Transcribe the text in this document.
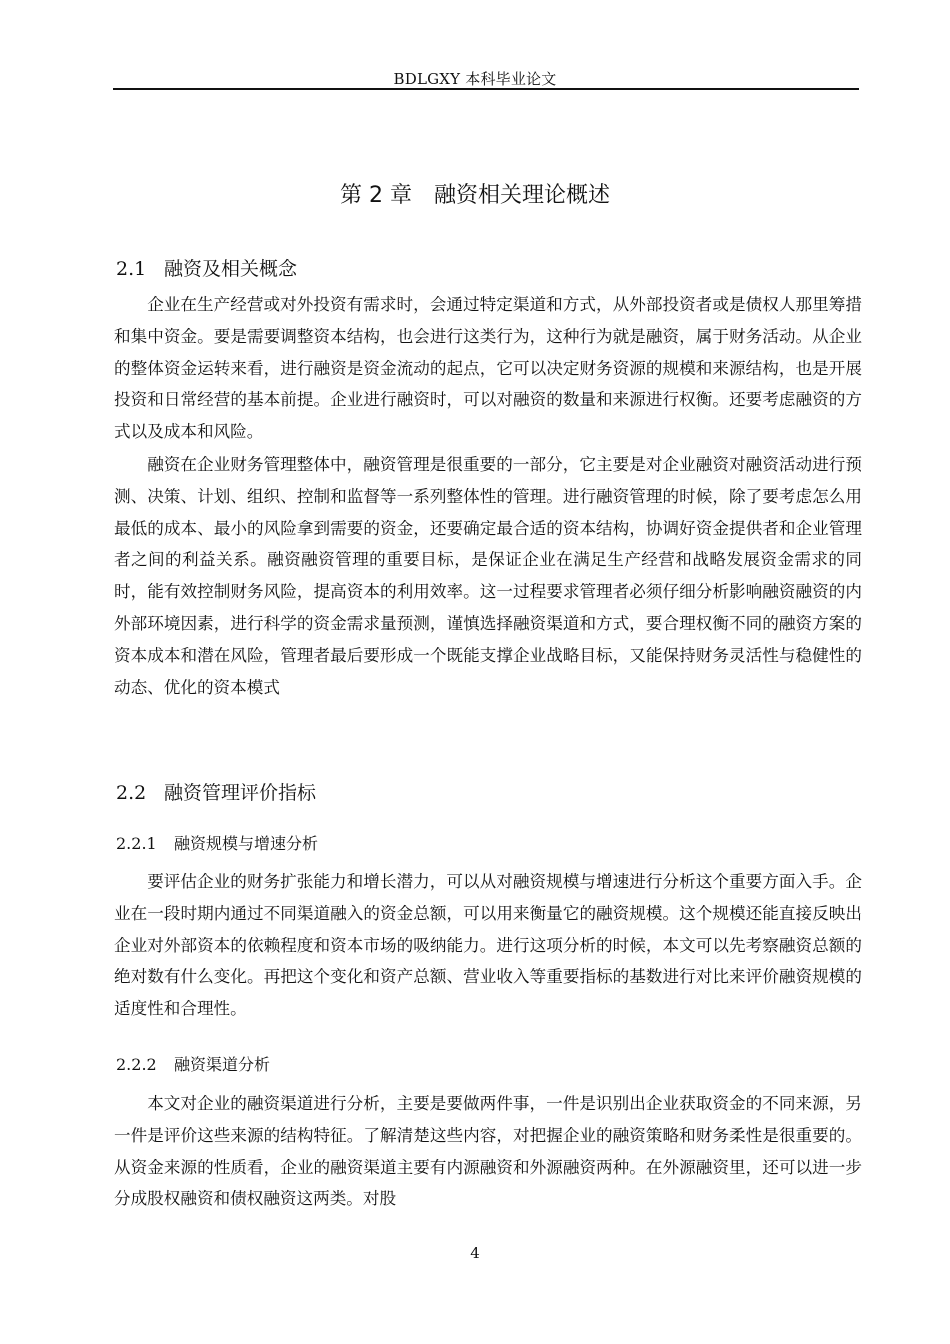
BDLGXY 本科毕业论文
第 2 章　融资相关理论概述
2.1 融资及相关概念

企业在生产经营或对外投资有需求时，会通过特定渠道和方式，从外部投资者或是债权人那里筹措和集中资金。要是需要调整资本结构，也会进行这类行为，这种行为就是融资，属于财务活动。从企业的整体资金运转来看，进行融资是资金流动的起点，它可以决定财务资源的规模和来源结构，也是开展投资和日常经营的基本前提。企业进行融资时，可以对融资的数量和来源进行权衡。还要考虑融资的方式以及成本和风险。

融资在企业财务管理整体中，融资管理是很重要的一部分，它主要是对企业融资对融资活动进行预测、决策、计划、组织、控制和监督等一系列整体性的管理。进行融资管理的时候，除了要考虑怎么用最低的成本、最小的风险拿到需要的资金，还要确定最合适的资本结构，协调好资金提供者和企业管理者之间的利益关系。融资融资管理的重要目标，是保证企业在满足生产经营和战略发展资金需求的同时，能有效控制财务风险，提高资本的利用效率。这一过程要求管理者必须仔细分析影响融资融资的内外部环境因素，进行科学的资金需求量预测，谨慎选择融资渠道和方式，要合理权衡不同的融资方案的资本成本和潜在风险，管理者最后要形成一个既能支撑企业战略目标，又能保持财务灵活性与稳健性的动态、优化的资本模式

2.2 融资管理评价指标
2.2.1 融资规模与增速分析

要评估企业的财务扩张能力和增长潜力，可以从对融资规模与增速进行分析这个重要方面入手。企业在一段时期内通过不同渠道融入的资金总额，可以用来衡量它的融资规模。这个规模还能直接反映出企业对外部资本的依赖程度和资本市场的吸纳能力。进行这项分析的时候，本文可以先考察融资总额的绝对数有什么变化。再把这个变化和资产总额、营业收入等重要指标的基数进行对比来评价融资规模的适度性和合理性。

2.2.2 融资渠道分析

本文对企业的融资渠道进行分析，主要是要做两件事，一件是识别出企业获取资金的不同来源，另一件是评价这些来源的结构特征。了解清楚这些内容，对把握企业的融资策略和财务柔性是很重要的。从资金来源的性质看，企业的融资渠道主要有内源融资和外源融资两种。在外源融资里，还可以进一步分成股权融资和债权融资这两类。对股

4
